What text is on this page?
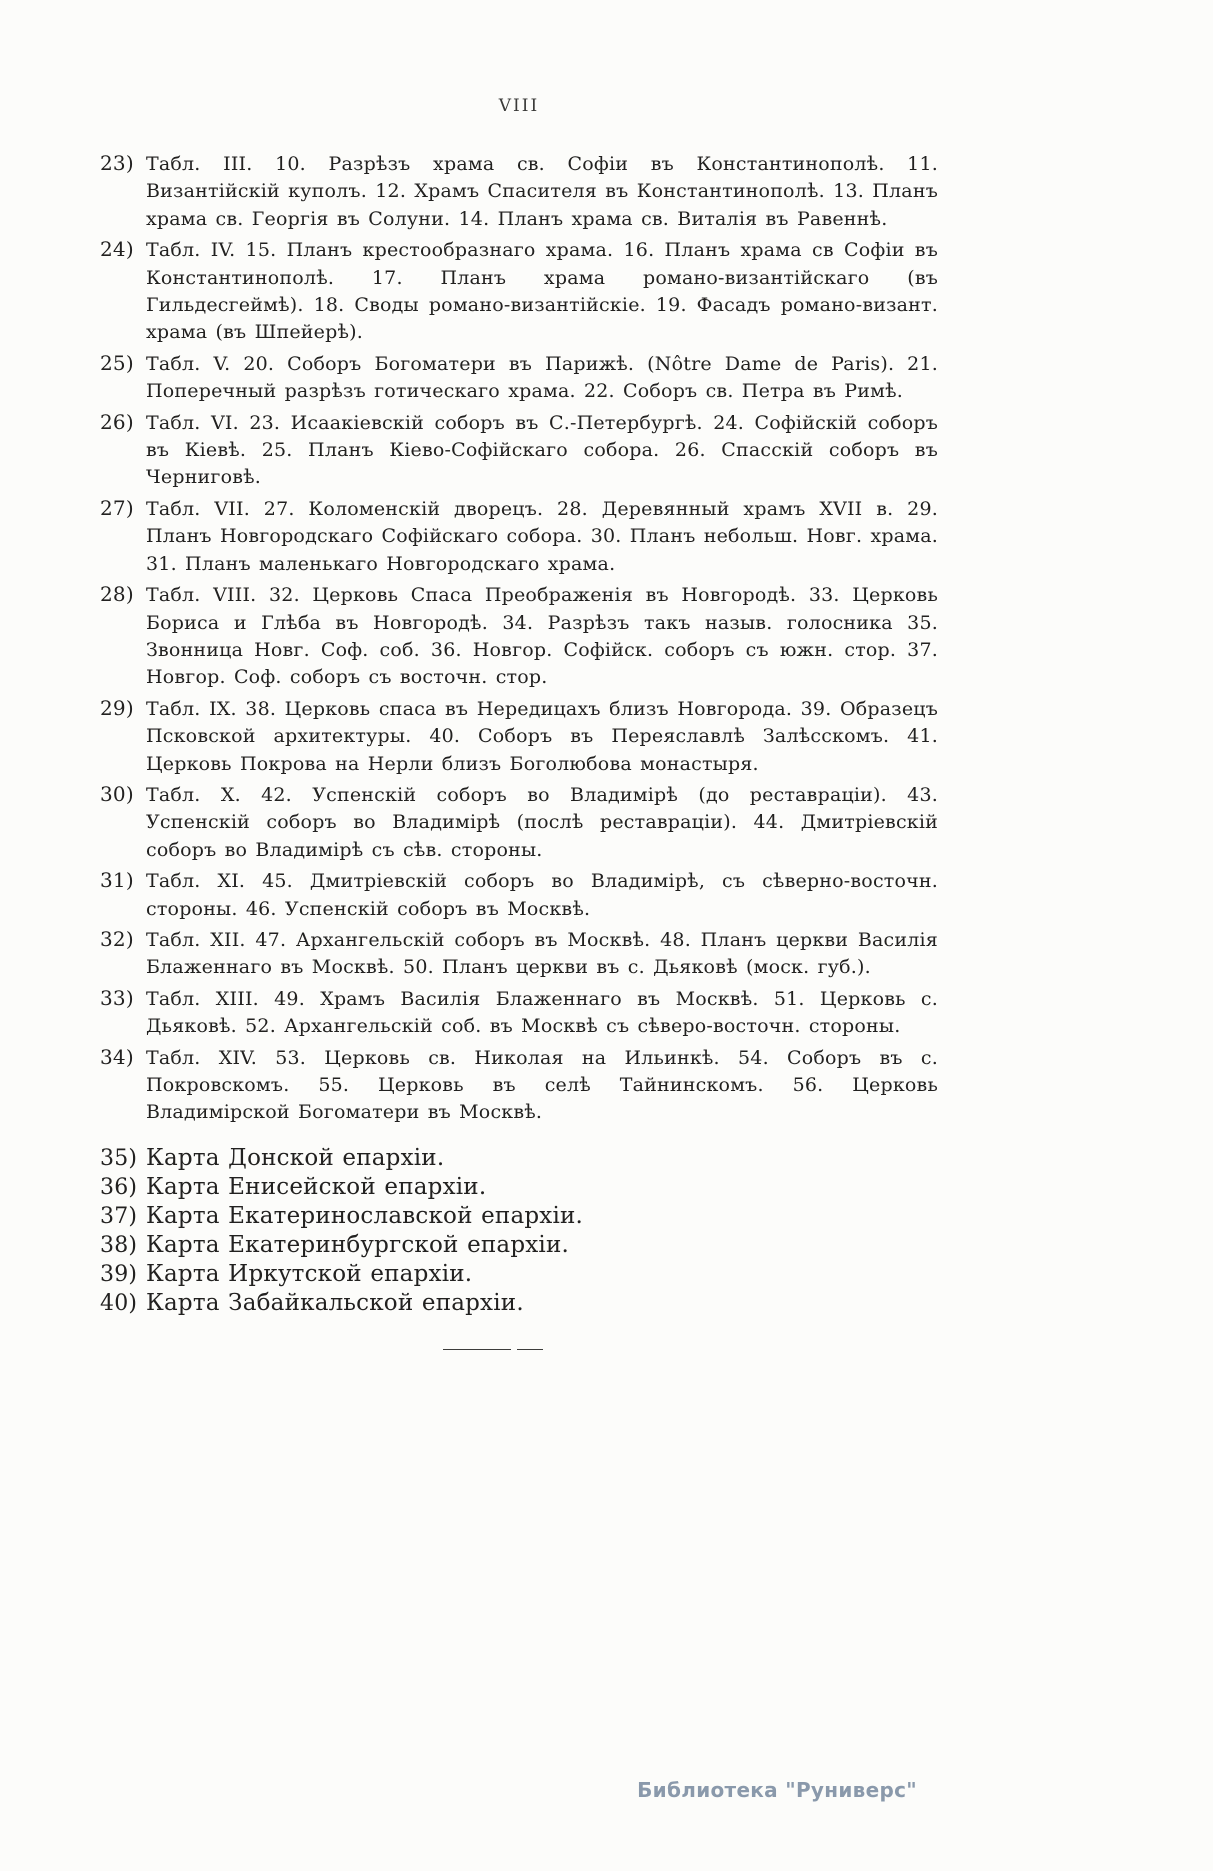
VIII

23) Табл. III. 10. Разрѣзъ храма св. Софіи въ Константинополѣ. 11. Византійскій куполъ. 12. Храмъ Спасителя въ Константинополѣ. 13. Планъ храма св. Георгія въ Солуни. 14. Планъ храма св. Виталія въ Равеннѣ.

24) Табл. IV. 15. Планъ крестообразнаго храма. 16. Планъ храма св Софіи въ Константинополѣ. 17. Планъ храма романо-византійскаго (въ Гильдесгеймѣ). 18. Своды романо-византійскіе. 19. Фасадъ романо-визант. храма (въ Шпейерѣ).

25) Табл. V. 20. Соборъ Богоматери въ Парижѣ. (Nôtre Dame de Paris). 21. Поперечный разрѣзъ готическаго храма. 22. Соборъ св. Петра въ Римѣ.

26) Табл. VI. 23. Исаакіевскій соборъ въ С.-Петербургѣ. 24. Софійскій соборъ въ Кіевѣ. 25. Планъ Кіево-Софійскаго собора. 26. Спасскій соборъ въ Черниговѣ.

27) Табл. VII. 27. Коломенскій дворецъ. 28. Деревянный храмъ XVII в. 29. Планъ Новгородскаго Софійскаго собора. 30. Планъ небольш. Новг. храма. 31. Планъ маленькаго Новгородскаго храма.

28) Табл. VIII. 32. Церковь Спаса Преображенія въ Новгородѣ. 33. Церковь Бориса и Глѣба въ Новгородѣ. 34. Разрѣзъ такъ назыв. голосника 35. Звонница Новг. Соф. соб. 36. Новгор. Софійск. соборъ съ южн. стор. 37. Новгор. Соф. соборъ съ восточн. стор.

29) Табл. IX. 38. Церковь спаса въ Нередицахъ близъ Новгорода. 39. Образецъ Псковской архитектуры. 40. Соборъ въ Переяславлѣ Залѣсскомъ. 41. Церковь Покрова на Нерли близъ Боголюбова монастыря.

30) Табл. X. 42. Успенскій соборъ во Владимірѣ (до реставраціи). 43. Успенскій соборъ во Владимірѣ (послѣ реставраціи). 44. Дмитріевскій соборъ во Владимірѣ съ сѣв. стороны.

31) Табл. XI. 45. Дмитріевскій соборъ во Владимірѣ, съ сѣверно-восточн. стороны. 46. Успенскій соборъ въ Москвѣ.

32) Табл. XII. 47. Архангельскій соборъ въ Москвѣ. 48. Планъ церкви Василія Блаженнаго въ Москвѣ. 50. Планъ церкви въ с. Дьяковѣ (моск. губ.).

33) Табл. XIII. 49. Храмъ Василія Блаженнаго въ Москвѣ. 51. Церковь с. Дьяковѣ. 52. Архангельскій соб. въ Москвѣ съ сѣверо-восточн. стороны.

34) Табл. XIV. 53. Церковь св. Николая на Ильинкѣ. 54. Соборъ въ с. Покровскомъ. 55. Церковь въ селѣ Тайнинскомъ. 56. Церковь Владимірской Богоматери въ Москвѣ.

35) Карта Донской епархіи.

36) Карта Енисейской епархіи.

37) Карта Екатеринославской епархіи.

38) Карта Екатеринбургской епархіи.

39) Карта Иркутской епархіи.

40) Карта Забайкальской епархіи.

Библиотека "Руниверс"
